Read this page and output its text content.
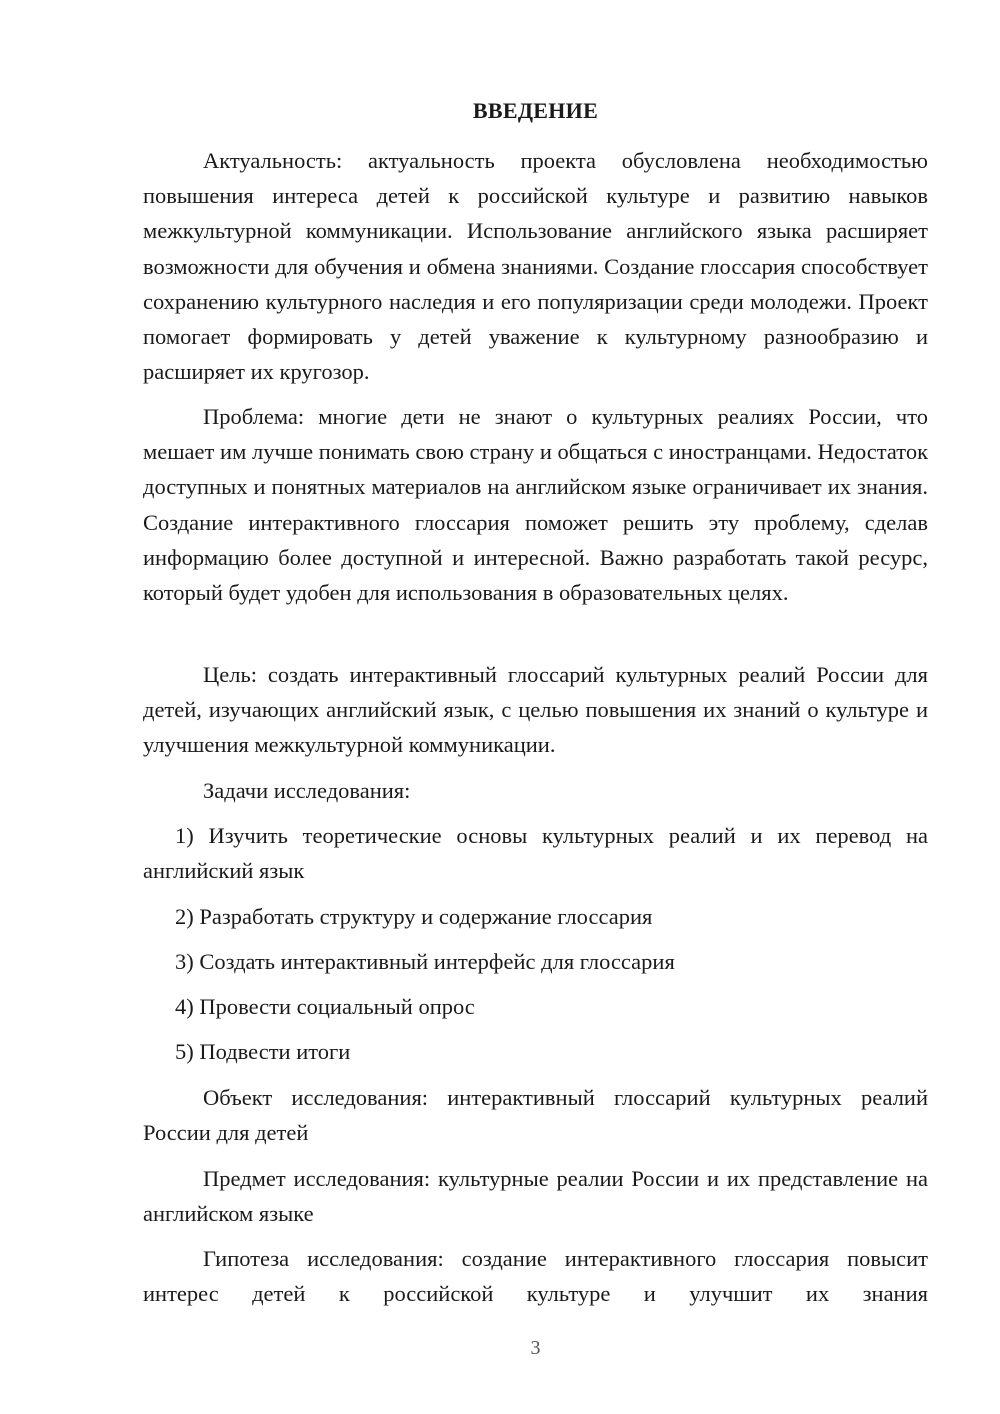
ВВЕДЕНИЕ

Актуальность: актуальность проекта обусловлена необходимостью повышения интереса детей к российской культуре и развитию навыков межкультурной коммуникации. Использование английского языка расширяет возможности для обучения и обмена знаниями. Создание глоссария способствует сохранению культурного наследия и его популяризации среди молодежи. Проект помогает формировать у детей уважение к культурному разнообразию и расширяет их кругозор.

Проблема: многие дети не знают о культурных реалиях России, что мешает им лучше понимать свою страну и общаться с иностранцами. Недостаток доступных и понятных материалов на английском языке ограничивает их знания. Создание интерактивного глоссария поможет решить эту проблему, сделав информацию более доступной и интересной. Важно разработать такой ресурс, который будет удобен для использования в образовательных целях.

Цель: создать интерактивный глоссарий культурных реалий России для детей, изучающих английский язык, с целью повышения их знаний о культуре и улучшения межкультурной коммуникации.

Задачи исследования:

1) Изучить теоретические основы культурных реалий и их перевод на английский язык

2) Разработать структуру и содержание глоссария

3) Создать интерактивный интерфейс для глоссария

4) Провести социальный опрос

5) Подвести итоги

Объект исследования: интерактивный глоссарий культурных реалий России для детей

Предмет исследования: культурные реалии России и их представление на английском языке

Гипотеза исследования: создание интерактивного глоссария повысит интерес детей к российской культуре и улучшит их знания

3
